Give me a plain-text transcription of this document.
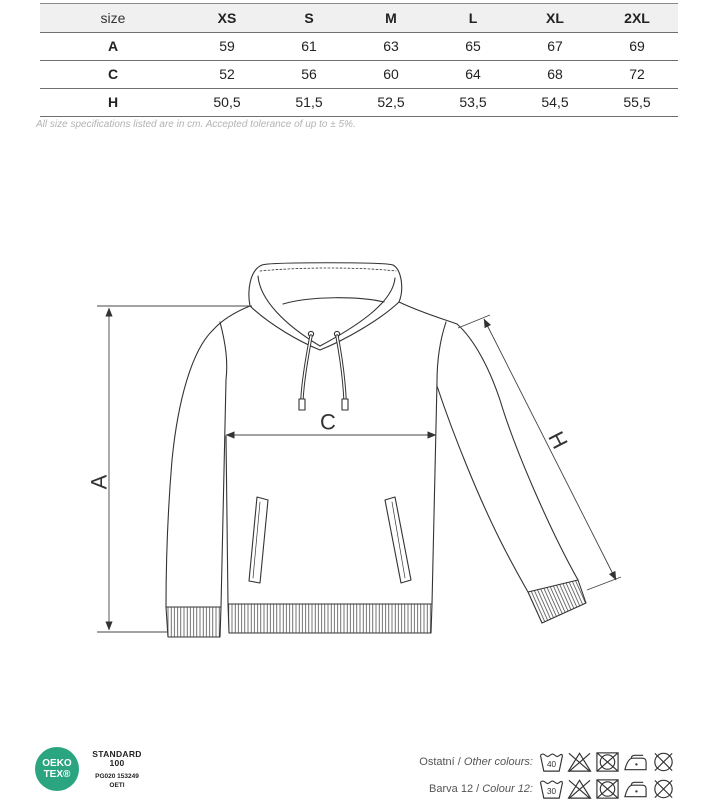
size	XS	S	M	L	XL	2XL
A	59	61	63	65	67	69
C	52	56	60	64	68	72
H	50,5	51,5	52,5	53,5	54,5	55,5
All size specifications listed are in cm. Accepted tolerance of up to ± 5%.
A
C
H
OEKO
TEX®
STANDARD
100
PG020 153249
OETI
Ostatní /
Other colours: 40
Barva 12 /
Colour 12: 30
